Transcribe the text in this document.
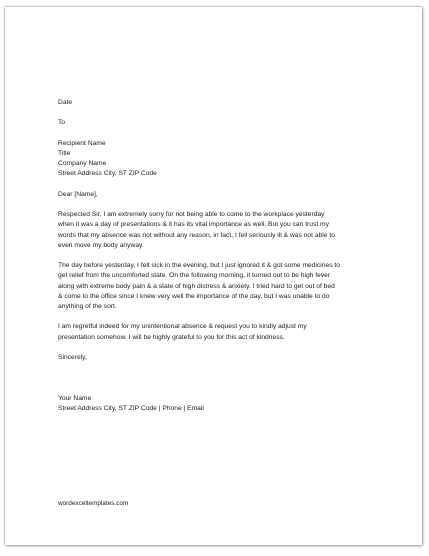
Date

To

Recipient Name
Title
Company Name
Street Address City, ST ZIP Code

Dear [Name],

Respected Sir, I am extremely sorry for not being able to come to the workplace yesterday
when it was a day of presentations & it has its vital importance as well. But you can trust my
words that my absence was not without any reason, in fact, I fell seriously ill & was not able to
even move my body anyway.

The day before yesterday, I felt sick in the evening, but I just ignored it & got some medicines to
get relief from the uncomforted state. On the following morning, it turned out to be high fever
along with extreme body pain & a state of high distress & anxiety. I tried hard to get out of bed
& come to the office since I knew very well the importance of the day, but I was unable to do
anything of the sort.

I am regretful indeed for my unintentional absence & request you to kindly adjust my
presentation somehow. I will be highly grateful to you for this act of kindness.

Sincerely,

Your Name
Street Address City, ST ZIP Code | Phone | Email
wordexceltemplates.com
